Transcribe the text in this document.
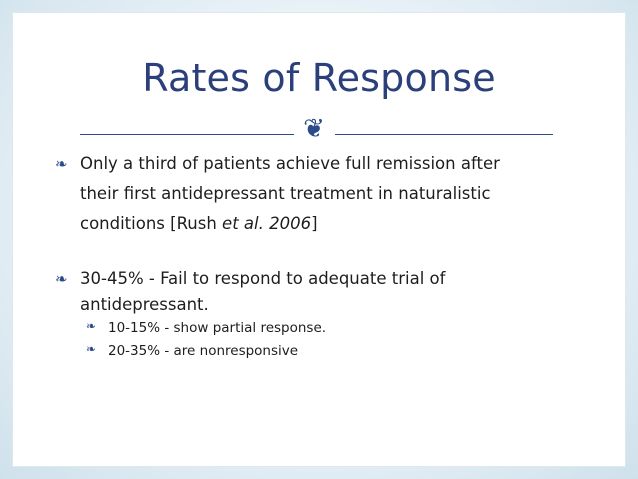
Rates of Response
❦
❧ Only a third of patients achieve full remission after
their first antidepressant treatment in naturalistic
conditions [Rush et al. 2006]
❧ 30-45% - Fail to respond to adequate trial of
antidepressant.
❧ 10-15% - show partial response.
❧ 20-35% - are nonresponsive
